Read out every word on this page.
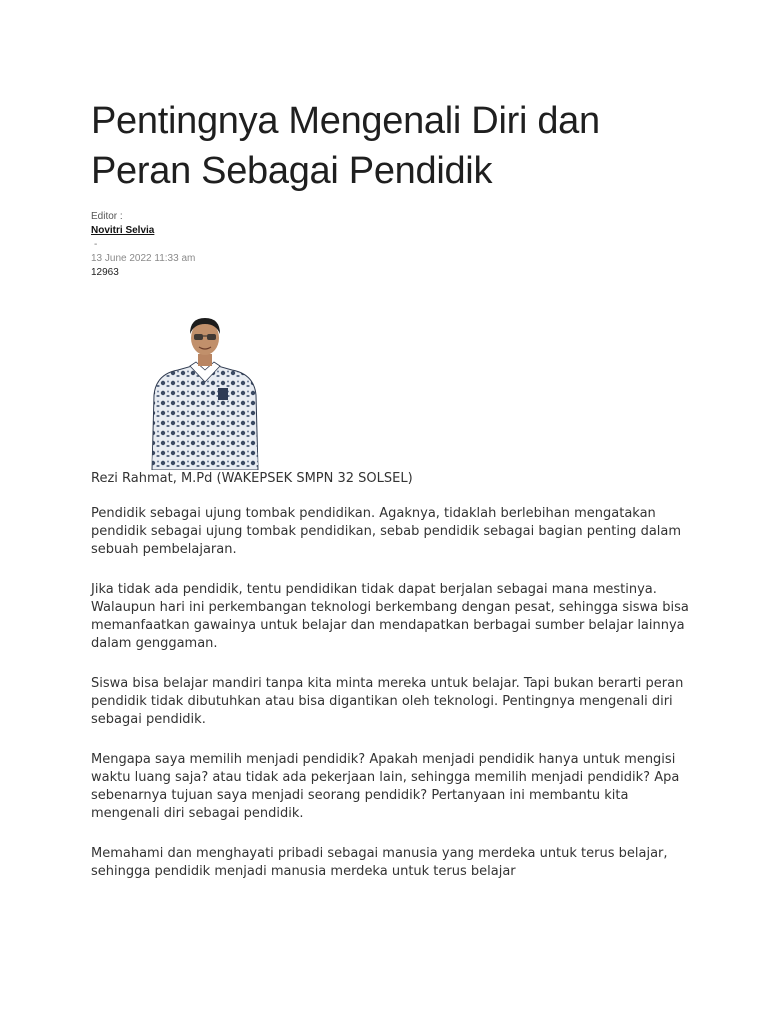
Pentingnya Mengenali Diri dan Peran Sebagai Pendidik
Editor :
Novitri Selvia
-
13 June 2022 11:33 am
12963
Rezi Rahmat, M.Pd (WAKEPSEK SMPN 32 SOLSEL)

Pendidik sebagai ujung tombak pendidikan. Agaknya, tidaklah berlebihan mengatakan pendidik sebagai ujung tombak pendidikan, sebab pendidik sebagai bagian penting dalam sebuah pembelajaran.

Jika tidak ada pendidik, tentu pendidikan tidak dapat berjalan sebagai mana mestinya. Walaupun hari ini perkembangan teknologi berkembang dengan pesat, sehingga siswa bisa memanfaatkan gawainya untuk belajar dan mendapatkan berbagai sumber belajar lainnya dalam genggaman.

Siswa bisa belajar mandiri tanpa kita minta mereka untuk belajar. Tapi bukan berarti peran pendidik tidak dibutuhkan atau bisa digantikan oleh teknologi. Pentingnya mengenali diri sebagai pendidik.

Mengapa saya memilih menjadi pendidik? Apakah menjadi pendidik hanya untuk mengisi waktu luang saja? atau tidak ada pekerjaan lain, sehingga memilih menjadi pendidik? Apa sebenarnya tujuan saya menjadi seorang pendidik? Pertanyaan ini membantu kita mengenali diri sebagai pendidik.

Memahami dan menghayati pribadi sebagai manusia yang merdeka untuk terus belajar, sehingga pendidik menjadi manusia merdeka untuk terus belajar
